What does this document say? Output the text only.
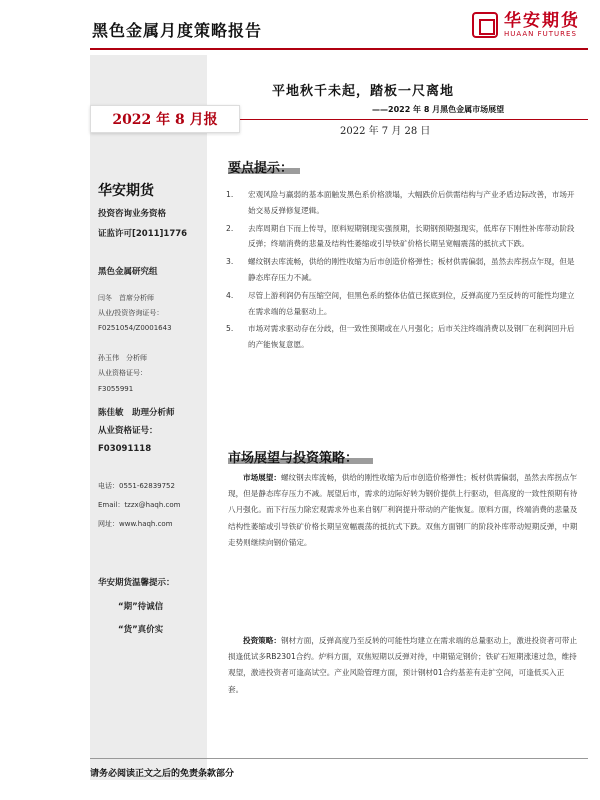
黑色金属月度策略报告	华安期货
HUAAN FUTURES
平地秋千未起，踏板一尺离地
——2022 年 8 月黑色金属市场展望
2022 年 8 月报
2022 年 7 月 28 日
华安期货
投资咨询业务资格
证监许可[2011]1776
黑色金属研究组
闫冬　首席分析师
从业/投资咨询证号：
F0251054/Z0001643
孙玉伟　分析师
从业资格证号：
F3055991
陈佳敏　助理分析师
从业资格证号：
F03091118
电话：0551-62839752
Email：tzzx@haqh.com
网址：www.haqh.com
华安期货温馨提示：
“期”待诚信
“货”真价实
要点提示：
1.	宏观风险与赢弱的基本面触发黑色系价格溃塌，大幅跌价后供需结构与产业矛盾边际改善，市场开始交易反弹修复逻辑。
2.	去库周期自下而上传导，原料短期钢现实强预期，长期钢预期强现实，低库存下刚性补库带动阶段反弹；终端消费的悲量及结构性萎缩或引导铁矿价格长期呈宽幅震荡的抵抗式下跌。
3.	螺纹钢去库流畅，供给的刚性收缩为后市创造价格弹性；板材供需偏弱，虽然去库拐点乍现，但是静态库存压力不减。
4.	尽管上游利润仍有压缩空间，但黑色系的整体估值已探底到位，反弹高度乃至反转的可能性均建立在需求端的总量驱动上。
5.	市场对需求驱动存在分歧，但一致性预期或在八月强化；后市关注终端消费以及钢厂在利润回升后的产能恢复意愿。
市场展望与投资策略：
市场展望：螺纹钢去库流畅，供给的刚性收缩为后市创造价格弹性；板材供需偏弱，虽然去库拐点乍现，但是静态库存压力不减。展望后市，需求的边际好转为钢价提供上行驱动，但高度的一致性预期有待八月强化。而下行压力除宏观需求外也来自钢厂利润提升带动的产能恢复。原料方面，终端消费的悲量及结构性萎缩或引导铁矿价格长期呈宽幅震荡的抵抗式下跌。双焦方面钢厂的阶段补库带动短期反弹，中期走势则继续向钢价锚定。
投资策略：钢材方面，反弹高度乃至反转的可能性均建立在需求端的总量驱动上，激进投资者可带止损逢低试多RB2301合约。炉料方面，双焦短期以反弹对待，中期锚定钢价；铁矿石短期涨速过急，维持观望，激进投资者可逢高试空。产业风险管理方面，预计钢材01合约基差有走扩空间，可逢低买入正套。
请务必阅读正文之后的免责条款部分
